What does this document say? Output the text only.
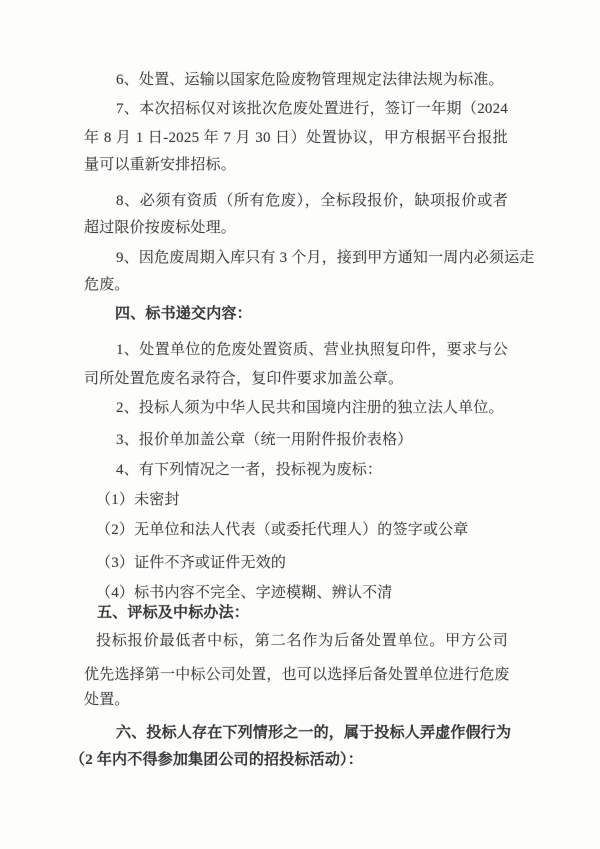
6、处置、运输以国家危险废物管理规定法律法规为标准。
7、本次招标仅对该批次危废处置进行，签订一年期（2024
年 8 月 1 日-2025 年 7 月 30 日）处置协议，甲方根据平台报批
量可以重新安排招标。
8、必须有资质（所有危废），全标段报价，缺项报价或者
超过限价按废标处理。
9、因危废周期入库只有 3 个月，接到甲方通知一周内必须运走
危废。
四、标书递交内容：
1、处置单位的危废处置资质、营业执照复印件，要求与公
司所处置危废名录符合，复印件要求加盖公章。
2、投标人须为中华人民共和国境内注册的独立法人单位。
3、报价单加盖公章（统一用附件报价表格）
4、有下列情况之一者，投标视为废标：
（1）未密封
（2）无单位和法人代表（或委托代理人）的签字或公章
（3）证件不齐或证件无效的
（4）标书内容不完全、字迹模糊、辨认不清
五、评标及中标办法：
投标报价最低者中标，第二名作为后备处置单位。甲方公司
优先选择第一中标公司处置，也可以选择后备处置单位进行危废
处置。
六、投标人存在下列情形之一的，属于投标人弄虚作假行为
（2 年内不得参加集团公司的招投标活动）：
